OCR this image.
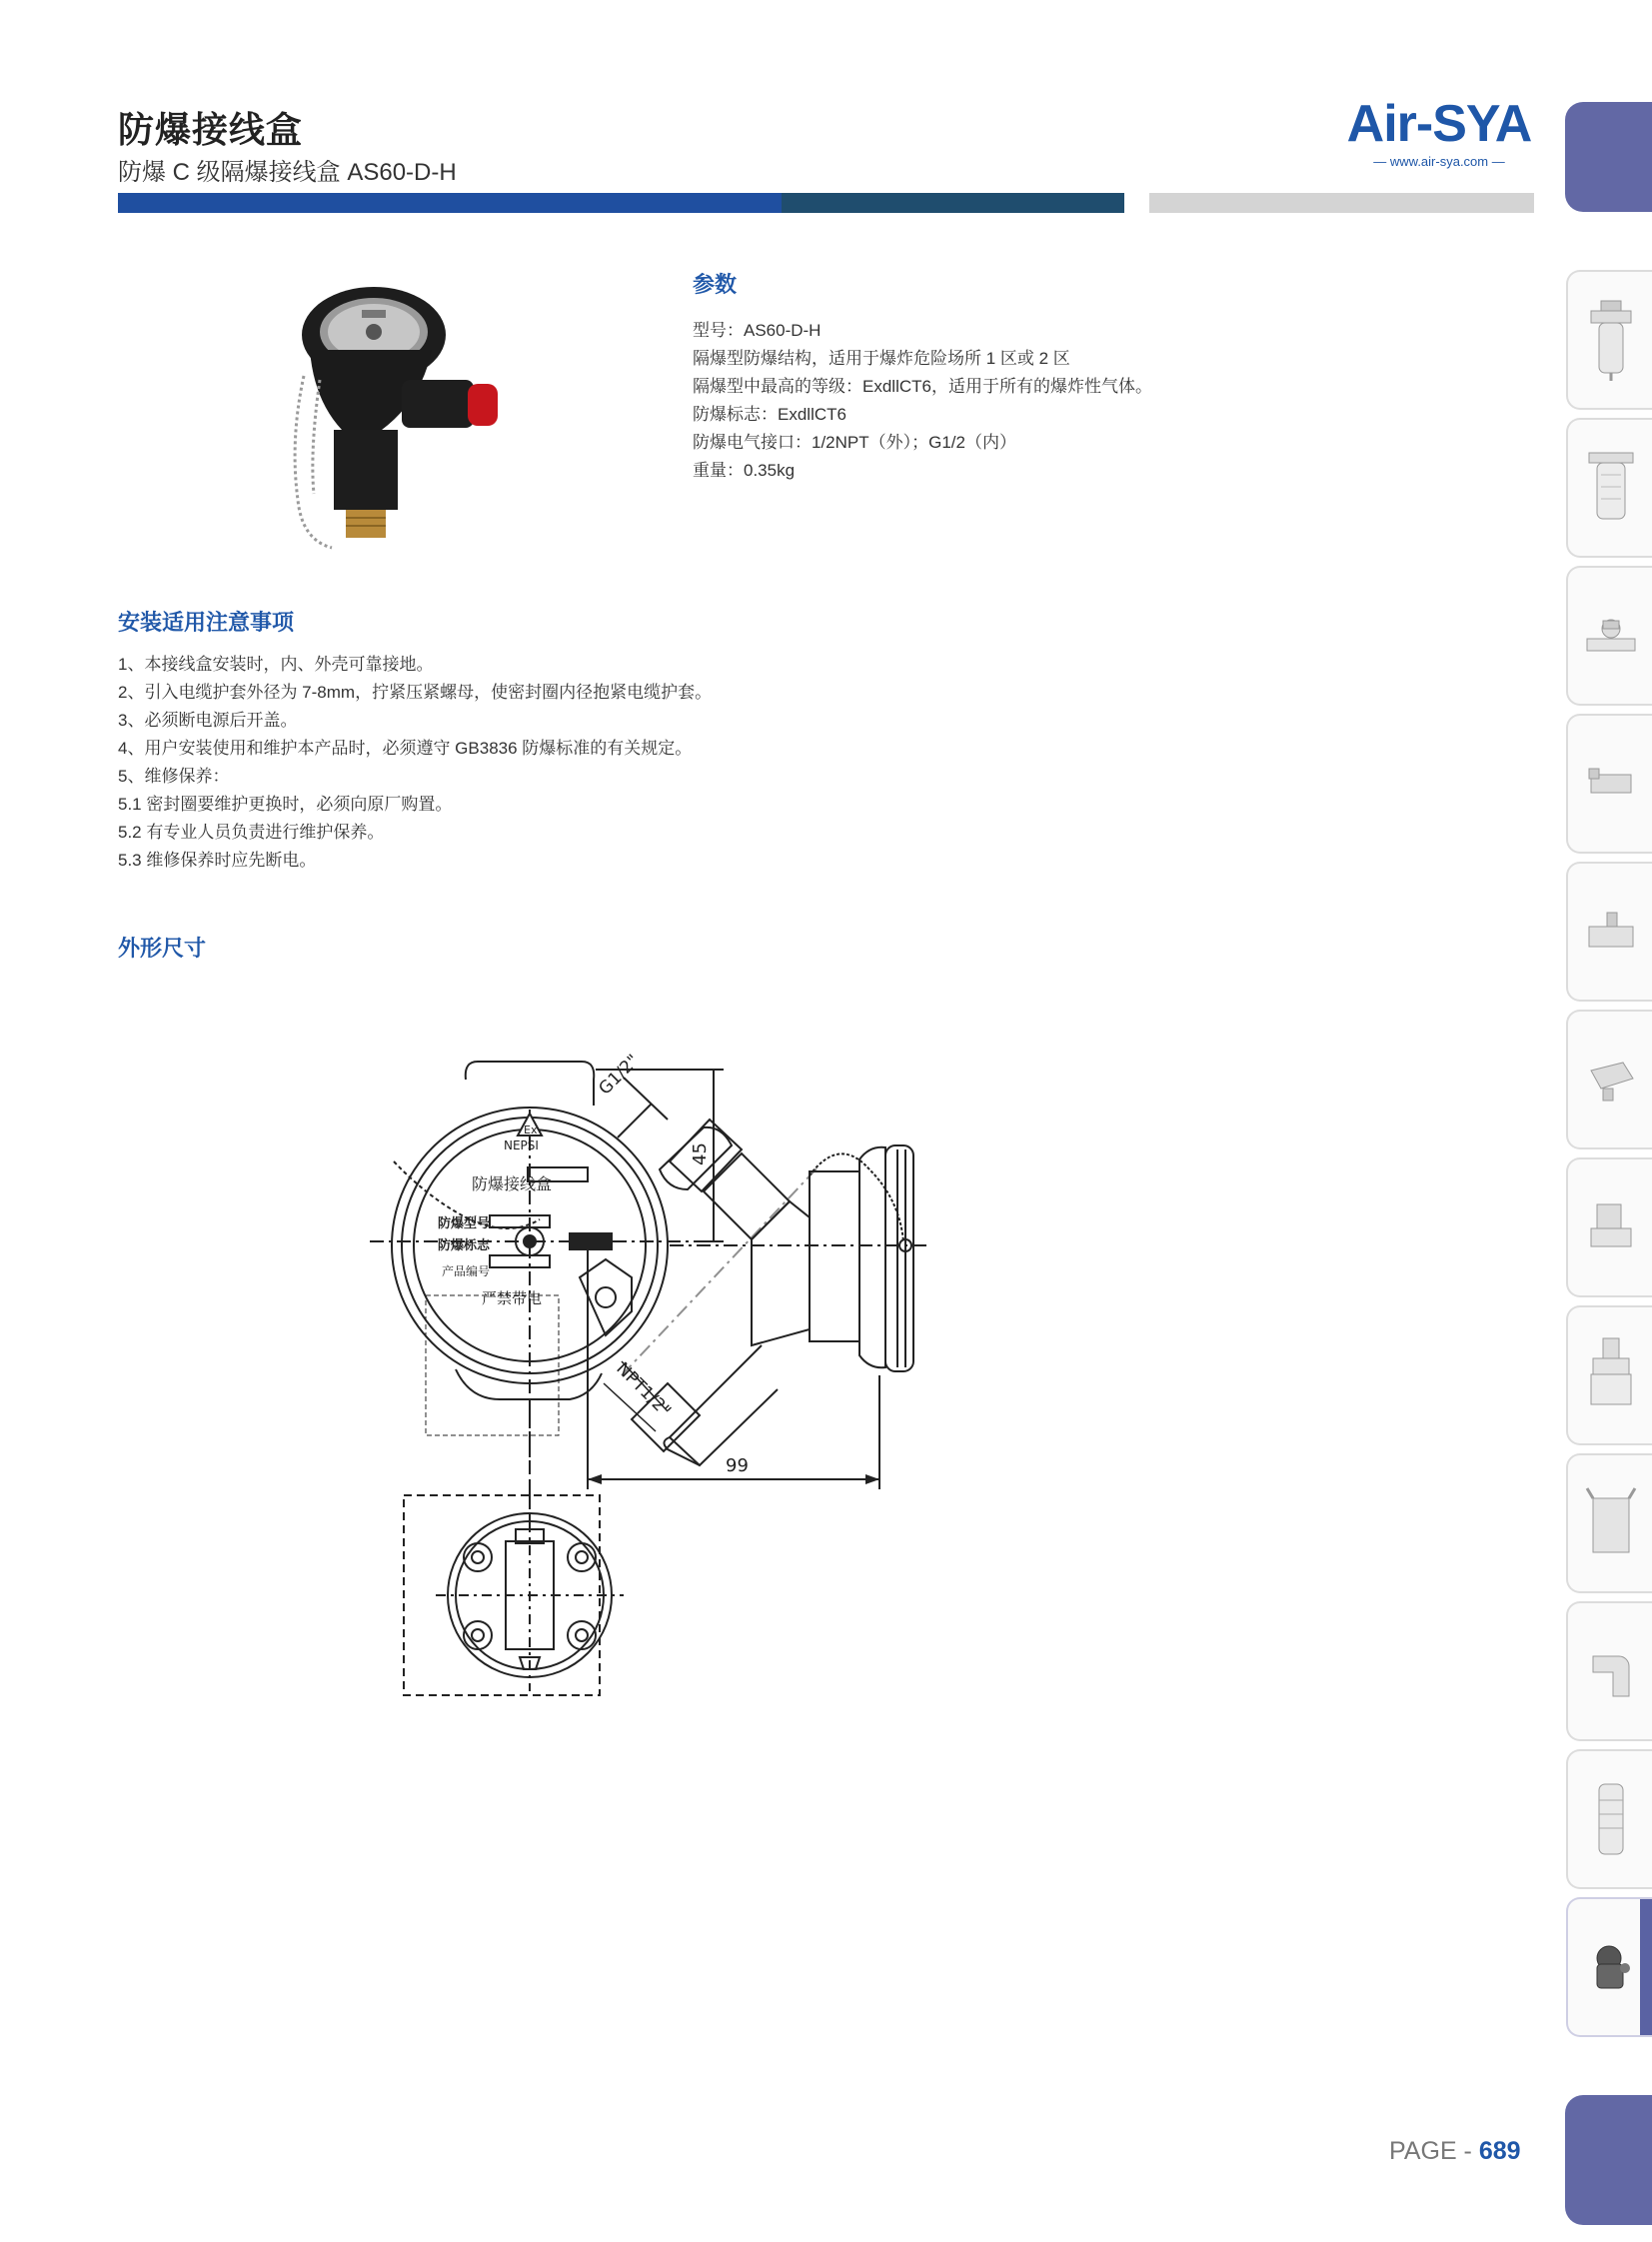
防爆接线盒
防爆 C 级隔爆接线盒 AS60-D-H
Air-SYA
— www.air-sya.com —
参数
型号：AS60-D-H
隔爆型防爆结构，适用于爆炸危险场所 1 区或 2 区
隔爆型中最高的等级：ExdllCT6，适用于所有的爆炸性气体。
防爆标志：ExdllCT6
防爆电气接口：1/2NPT（外）；G1/2（内）
重量：0.35kg
安装适用注意事项
1、本接线盒安装时，内、外壳可靠接地。
2、引入电缆护套外径为 7-8mm，拧紧压紧螺母，使密封圈内径抱紧电缆护套。
3、必须断电源后开盖。
4、用户安装使用和维护本产品时，必须遵守 GB3836 防爆标准的有关规定。
5、维修保养：
5.1 密封圈要维护更换时，必须向原厂购置。
5.2 有专业人员负责进行维护保养。
5.3 维修保养时应先断电。
外形尺寸
Ex
NEPSI
防爆接线盒
防爆型号
防爆标志
产品编号
严禁带电
45
G1/2"
NPT1/2"
99
PAGE - 689
